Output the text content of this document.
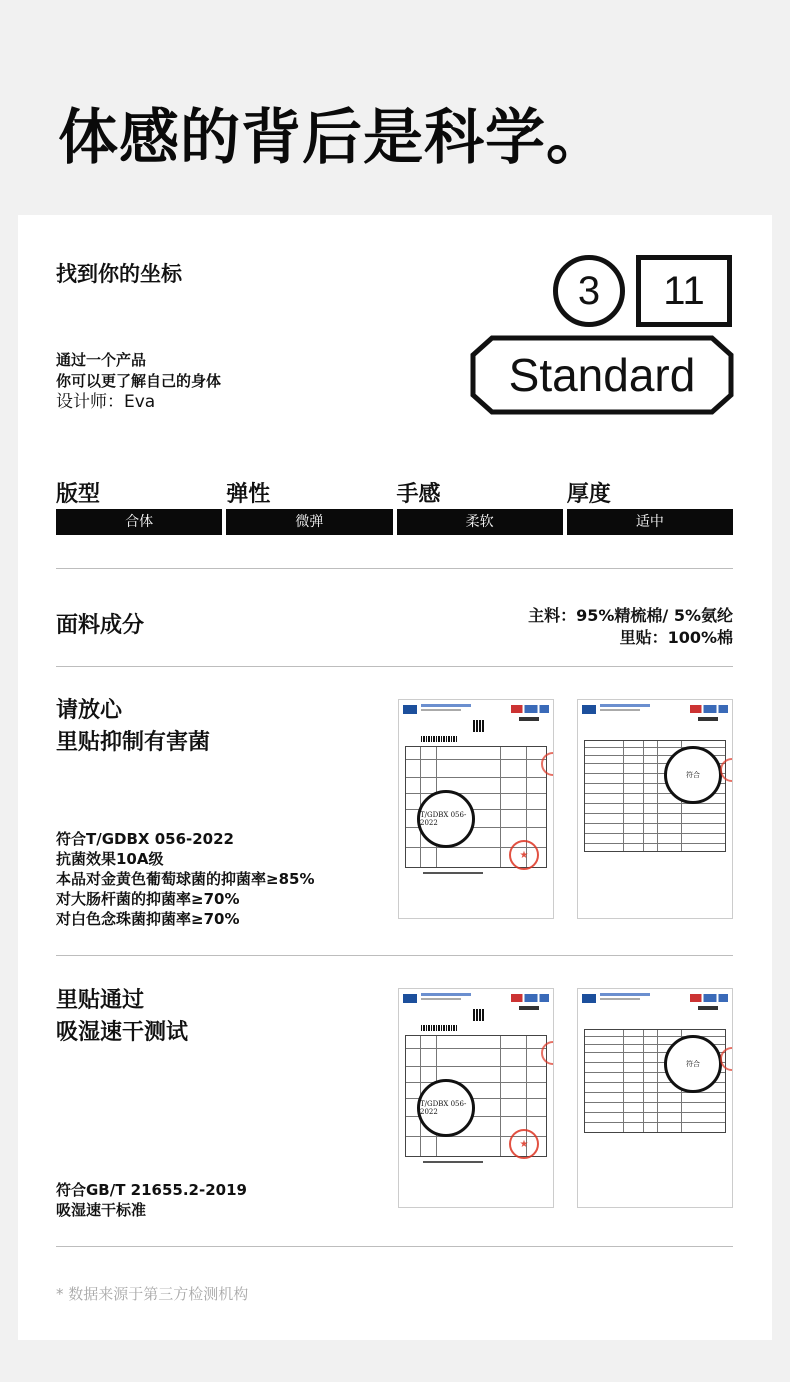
体感的背后是科学。
找到你的坐标
通过一个产品
你可以更了解自己的身体
设计师：Eva
3	11
Standard
版型
合体
弹性
微弹
手感
柔软
厚度
适中
面料成分	主料：95%精梳棉/ 5%氨纶
里贴：100%棉
请放心
里贴抑制有害菌
符合T/GDBX 056-2022
抗菌效果10A级
本品对金黄色葡萄球菌的抑菌率≥85%
对大肠杆菌的抑菌率≥70%
对白色念珠菌抑菌率≥70%
T/GDBX 056-2022
★
符合
里贴通过
吸湿速干测试
符合GB/T 21655.2-2019
吸湿速干标准
T/GDBX 056-2022
★
符合
* 数据来源于第三方检测机构
